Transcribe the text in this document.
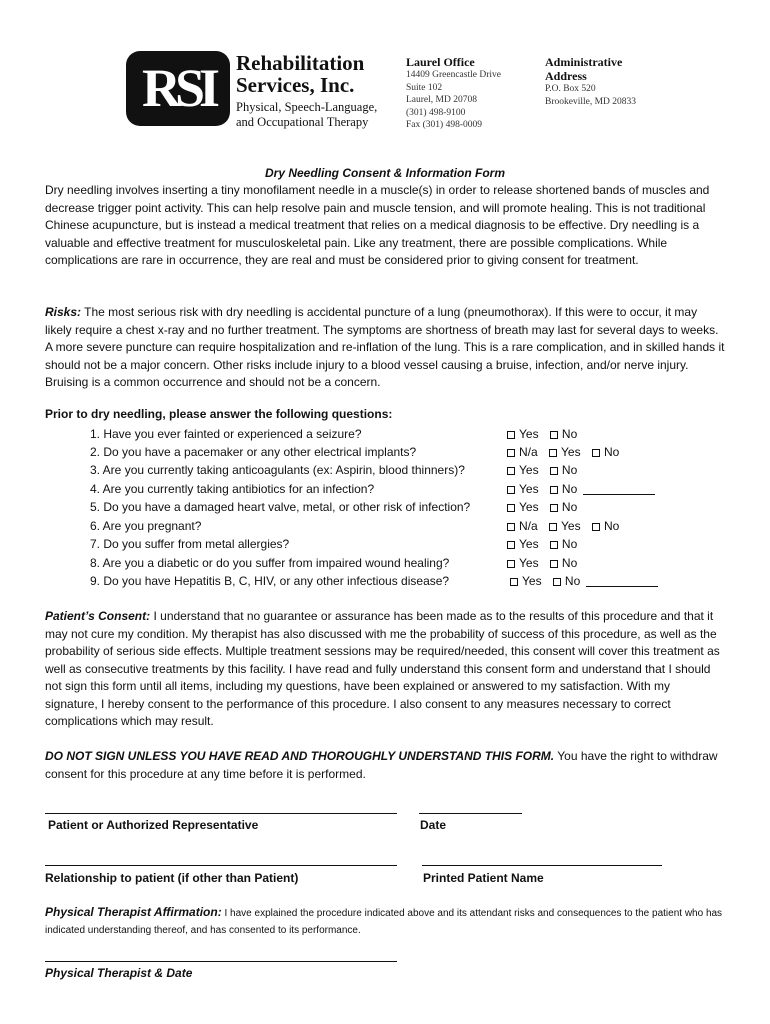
RSI	Rehabilitation
Services, Inc.
Physical, Speech-Language,
and Occupational Therapy
Laurel Office
14409 Greencastle Drive
Suite 102
Laurel, MD 20708
(301) 498-9100
Fax (301) 498-0009
Administrative
Address
P.O. Box 520
Brookeville, MD 20833
Dry Needling Consent & Information Form
Dry needling involves inserting a tiny monofilament needle in a muscle(s) in order to release shortened bands of muscles and decrease trigger point activity. This can help resolve pain and muscle tension, and will promote healing. This is not traditional Chinese acupuncture, but is instead a medical treatment that relies on a medical diagnosis to be effective. Dry needling is a valuable and effective treatment for musculoskeletal pain. Like any treatment, there are possible complications. While complications are rare in occurrence, they are real and must be considered prior to giving consent for treatment.
Risks: The most serious risk with dry needling is accidental puncture of a lung (pneumothorax). If this were to occur, it may likely require a chest x-ray and no further treatment. The symptoms are shortness of breath may last for several days to weeks. A more severe puncture can require hospitalization and re-inflation of the lung. This is a rare complication, and in skilled hands it should not be a major concern. Other risks include injury to a blood vessel causing a bruise, infection, and/or nerve injury. Bruising is a common occurrence and should not be a concern.
Prior to dry needling, please answer the following questions:
1. Have you ever fainted or experienced a seizure?	Yes No
2. Do you have a pacemaker or any other electrical implants?	N/a Yes No
3. Are you currently taking anticoagulants (ex: Aspirin, blood thinners)?	Yes No
4. Are you currently taking antibiotics for an infection?	Yes No
5. Do you have a damaged heart valve, metal, or other risk of infection?	Yes No
6. Are you pregnant?	N/a Yes No
7. Do you suffer from metal allergies?	Yes No
8. Are you a diabetic or do you suffer from impaired wound healing?	Yes No
9. Do you have Hepatitis B, C, HIV, or any other infectious disease?	Yes No
Patient’s Consent: I understand that no guarantee or assurance has been made as to the results of this procedure and that it may not cure my condition. My therapist has also discussed with me the probability of success of this procedure, as well as the probability of serious side effects. Multiple treatment sessions may be required/needed, this consent will cover this treatment as well as consecutive treatments by this facility. I have read and fully understand this consent form and understand that I should not sign this form until all items, including my questions, have been explained or answered to my satisfaction. With my signature, I hereby consent to the performance of this procedure. I also consent to any measures necessary to correct complications which may result.
DO NOT SIGN UNLESS YOU HAVE READ AND THOROUGHLY UNDERSTAND THIS FORM. You have the right to withdraw consent for this procedure at any time before it is performed.
Patient or Authorized Representative	Date
Relationship to patient (if other than Patient)	Printed Patient Name
Physical Therapist Affirmation: I have explained the procedure indicated above and its attendant risks and consequences to the patient who has indicated understanding thereof, and has consented to its performance.
Physical Therapist & Date
